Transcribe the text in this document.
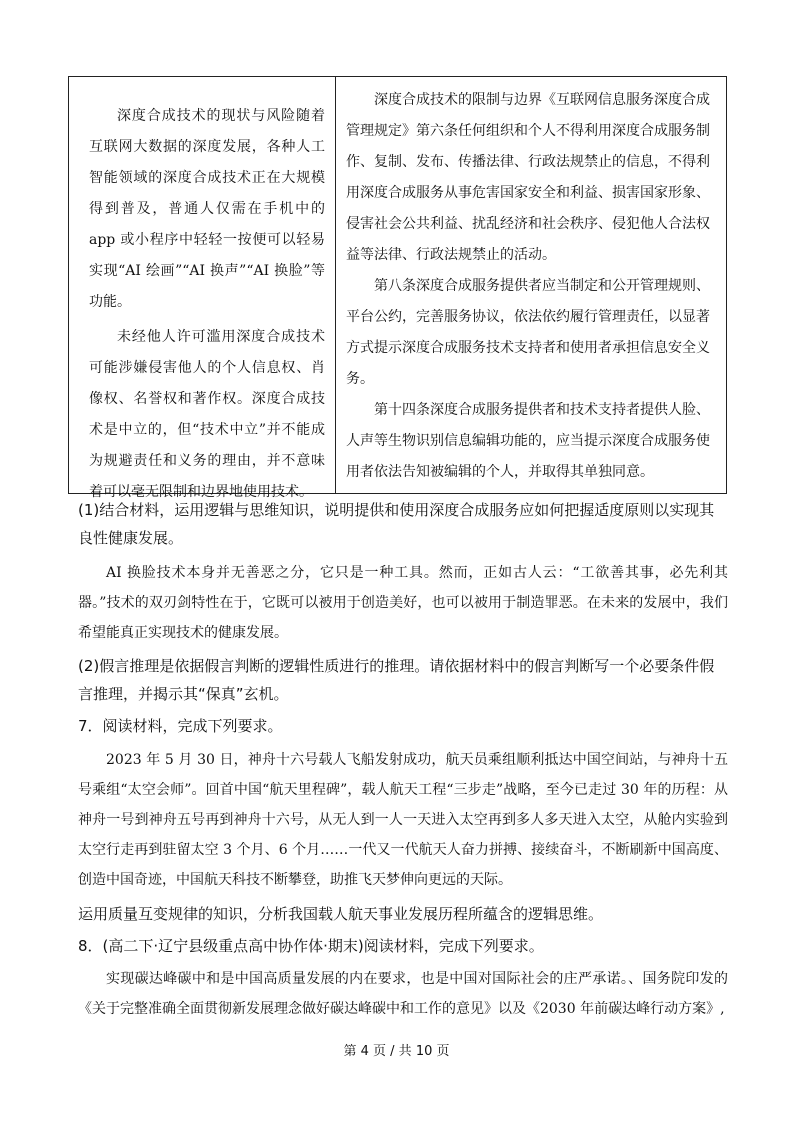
深度合成技术的现状与风险随着互联网大数据的深度发展，各种人工智能领域的深度合成技术正在大规模得到普及，普通人仅需在手机中的 app 或小程序中轻轻一按便可以轻易实现“AI 绘画”“AI 换声”“AI 换脸”等功能。

未经他人许可滥用深度合成技术可能涉嫌侵害他人的个人信息权、肖像权、名誉权和著作权。深度合成技术是中立的，但“技术中立”并不能成为规避责任和义务的理由，并不意味着可以毫无限制和边界地使用技术。

深度合成技术的限制与边界《互联网信息服务深度合成管理规定》第六条任何组织和个人不得利用深度合成服务制作、复制、发布、传播法律、行政法规禁止的信息，不得利用深度合成服务从事危害国家安全和利益、损害国家形象、侵害社会公共利益、扰乱经济和社会秩序、侵犯他人合法权益等法律、行政法规禁止的活动。

第八条深度合成服务提供者应当制定和公开管理规则、平台公约，完善服务协议，依法依约履行管理责任，以显著方式提示深度合成服务技术支持者和使用者承担信息安全义务。

第十四条深度合成服务提供者和技术支持者提供人脸、人声等生物识别信息编辑功能的，应当提示深度合成服务使用者依法告知被编辑的个人，并取得其单独同意。

(1)结合材料，运用逻辑与思维知识，说明提供和使用深度合成服务应如何把握适度原则以实现其良性健康发展。

AI 换脸技术本身并无善恶之分，它只是一种工具。然而，正如古人云：“工欲善其事，必先利其器。”技术的双刃剑特性在于，它既可以被用于创造美好，也可以被用于制造罪恶。在未来的发展中，我们希望能真正实现技术的健康发展。

(2)假言推理是依据假言判断的逻辑性质进行的推理。请依据材料中的假言判断写一个必要条件假言推理，并揭示其“保真”玄机。
7．阅读材料，完成下列要求。

2023 年 5 月 30 日，神舟十六号载人飞船发射成功，航天员乘组顺利抵达中国空间站，与神舟十五号乘组“太空会师”。回首中国“航天里程碑”，载人航天工程“三步走”战略，至今已走过 30 年的历程：从神舟一号到神舟五号再到神舟十六号，从无人到一人一天进入太空再到多人多天进入太空，从舱内实验到太空行走再到驻留太空 3 个月、6 个月……一代又一代航天人奋力拼搏、接续奋斗，不断刷新中国高度、创造中国奇迹，中国航天科技不断攀登，助推飞天梦伸向更远的天际。

运用质量互变规律的知识，分析我国载人航天事业发展历程所蕴含的逻辑思维。
8．(高二下·辽宁县级重点高中协作体·期末)阅读材料，完成下列要求。

实现碳达峰碳中和是中国高质量发展的内在要求，也是中国对国际社会的庄严承诺。、国务院印发的《关于完整准确全面贯彻新发展理念做好碳达峰碳中和工作的意见》以及《2030 年前碳达峰行动方案》,

第 4 页 / 共 10 页
